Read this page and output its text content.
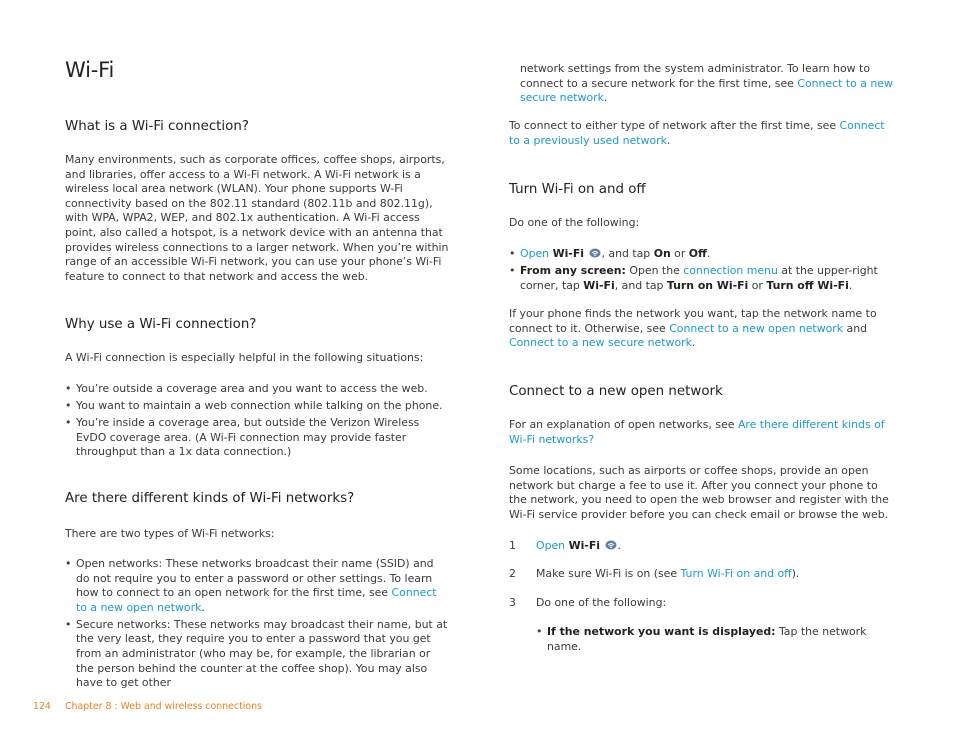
Wi-Fi
What is a Wi-Fi connection?

Many environments, such as corporate offices, coffee shops, airports, and libraries, offer access to a Wi-Fi network. A Wi-Fi network is a wireless local area network (WLAN). Your phone supports W-Fi connectivity based on the 802.11 standard (802.11b and 802.11g), with WPA, WPA2, WEP, and 802.1x authentication. A Wi-Fi access point, also called a hotspot, is a network device with an antenna that provides wireless connections to a larger network. When you’re within range of an accessible Wi-Fi network, you can use your phone’s Wi-Fi feature to connect to that network and access the web.

Why use a Wi-Fi connection?

A Wi-Fi connection is especially helpful in the following situations:

• You’re outside a coverage area and you want to access the web.
• You want to maintain a web connection while talking on the phone.
• You’re inside a coverage area, but outside the Verizon Wireless EvDO coverage area. (A Wi-Fi connection may provide faster throughput than a 1x data connection.)
Are there different kinds of Wi-Fi networks?

There are two types of Wi-Fi networks:

• Open networks: These networks broadcast their name (SSID) and do not require you to enter a password or other settings. To learn how to connect to an open network for the first time, see Connect to a new open network.
• Secure networks: These networks may broadcast their name, but at the very least, they require you to enter a password that you get from an administrator (who may be, for example, the librarian or the person behind the counter at the coffee shop). You may also have to get other

network settings from the system administrator. To learn how to connect to a secure network for the first time, see Connect to a new secure network.

To connect to either type of network after the first time, see Connect to a previously used network.

Turn Wi-Fi on and off

Do one of the following:

• Open Wi-Fi , and tap On or Off.
• From any screen: Open the connection menu at the upper-right corner, tap Wi-Fi, and tap Turn on Wi-Fi or Turn off Wi-Fi.

If your phone finds the network you want, tap the network name to connect to it. Otherwise, see Connect to a new open network and Connect to a new secure network.

Connect to a new open network

For an explanation of open networks, see Are there different kinds of Wi-Fi networks?

Some locations, such as airports or coffee shops, provide an open network but charge a fee to use it. After you connect your phone to the network, you need to open the web browser and register with the Wi-Fi service provider before you can check email or browse the web.

1 Open Wi-Fi .
2 Make sure Wi-Fi is on (see Turn Wi-Fi on and off).
3 Do one of the following:
• If the network you want is displayed: Tap the network name.
124 Chapter 8 : Web and wireless connections
